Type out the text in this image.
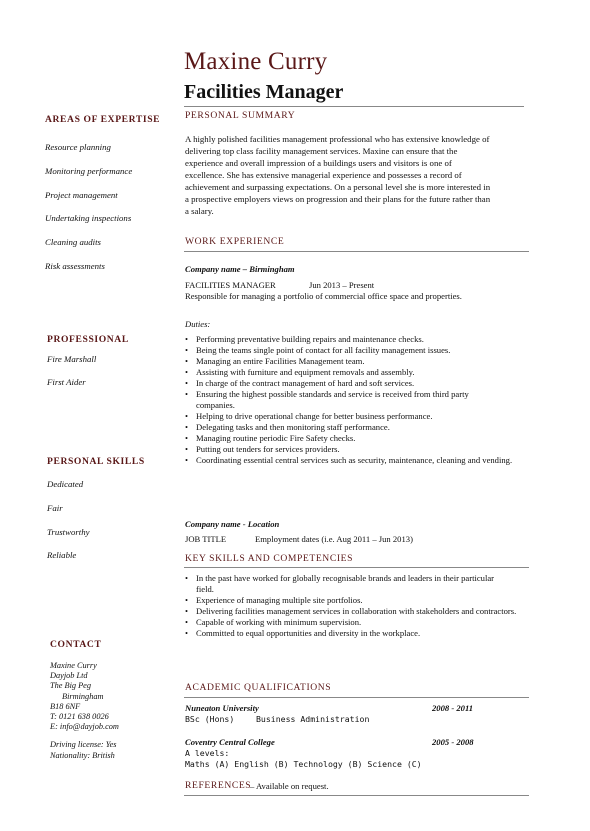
Maxine Curry
Facilities Manager
AREAS OF EXPERTISE
Resource planning
Monitoring performance
Project management
Undertaking inspections
Cleaning audits
Risk assessments
PROFESSIONAL
Fire Marshall
First Aider
PERSONAL SKILLS
Dedicated
Fair
Trustworthy
Reliable
CONTACT
Maxine Curry
Dayjob Ltd
The Big Peg
Birmingham
B18 6NF
T: 0121 638 0026
E: info@dayjob.com
Driving license: Yes
Nationality: British
PERSONAL SUMMARY
A highly polished facilities management professional who has extensive knowledge of
delivering top class facility management services. Maxine can ensure that the
experience and overall impression of a buildings users and visitors is one of
excellence. She has extensive managerial experience and possesses a record of
achievement and surpassing expectations. On a personal level she is more interested in
a prospective employers views on progression and their plans for the future rather than
a salary.
WORK EXPERIENCE
Company name – Birmingham
FACILITIES MANAGER	Jun 2013 – Present
Responsible for managing a portfolio of commercial office space and properties.
Duties:
• Performing preventative building repairs and maintenance checks.
• Being the teams single point of contact for all facility management issues.
• Managing an entire Facilities Management team.
• Assisting with furniture and equipment removals and assembly.
• In charge of the contract management of hard and soft services.
• Ensuring the highest possible standards and service is received from third party companies.
• Helping to drive operational change for better business performance.
• Delegating tasks and then monitoring staff performance.
• Managing routine periodic Fire Safety checks.
• Putting out tenders for services providers.
• Coordinating essential central services such as security, maintenance, cleaning and vending.
Company name - Location
JOB TITLE	Employment dates (i.e. Aug 2011 – Jun 2013)
KEY SKILLS AND COMPETENCIES
• In the past have worked for globally recognisable brands and leaders in their particular field.
• Experience of managing multiple site portfolios.
• Delivering facilities management services in collaboration with stakeholders and contractors.
• Capable of working with minimum supervision.
• Committed to equal opportunities and diversity in the workplace.
ACADEMIC QUALIFICATIONS
Nuneaton University	2008 - 2011
BSc (Hons)	Business Administration
Coventry Central College	2005 - 2008
A levels:
Maths (A) English (B) Technology (B) Science (C)
REFERENCES
– Available on request.
